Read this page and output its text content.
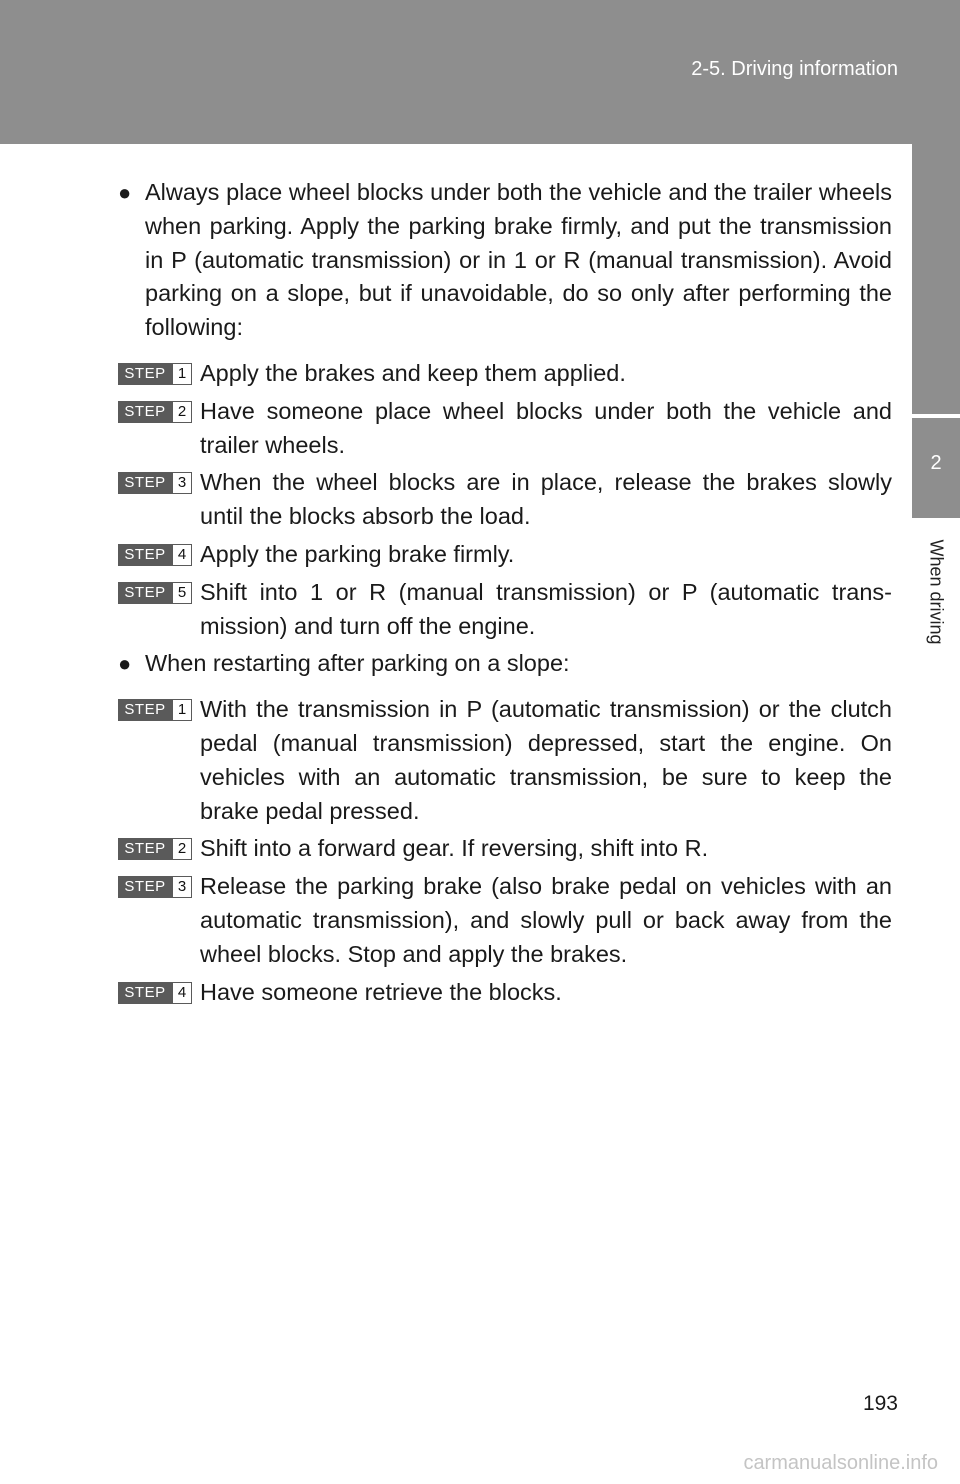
2-5. Driving information
2
When driving
● Always place wheel blocks under both the vehicle and the trailer wheels when parking. Apply the parking brake firmly, and put the transmission in P (automatic transmission) or in 1 or R (manual transmission). Avoid parking on a slope, but if unavoidable, do so only after performing the following:
STEP 1 Apply the brakes and keep them applied.
STEP 2 Have someone place wheel blocks under both the vehicle and trailer wheels.
STEP 3 When the wheel blocks are in place, release the brakes slowly until the blocks absorb the load.
STEP 4 Apply the parking brake firmly.
STEP 5 Shift into 1 or R (manual transmission) or P (automatic trans- mission) and turn off the engine.
● When restarting after parking on a slope:
STEP 1 With the transmission in P (automatic transmission) or the clutch pedal (manual transmission) depressed, start the engine. On vehicles with an automatic transmission, be sure to keep the brake pedal pressed.
STEP 2 Shift into a forward gear. If reversing, shift into R.
STEP 3 Release the parking brake (also brake pedal on vehicles with an automatic transmission), and slowly pull or back away from the wheel blocks. Stop and apply the brakes.
STEP 4 Have someone retrieve the blocks.
193
carmanualsonline.info
